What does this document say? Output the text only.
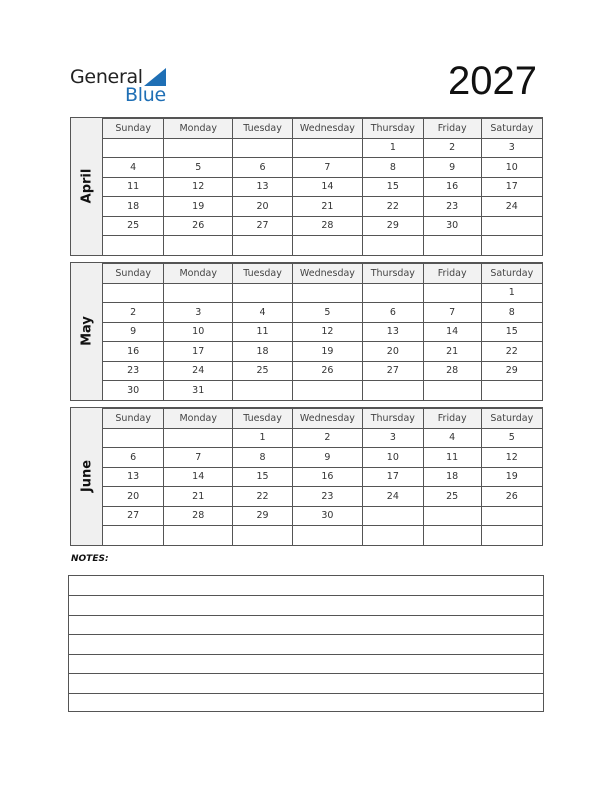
General
Blue	2027
April
Sunday	Monday	Tuesday	Wednesday	Thursday	Friday	Saturday
				1	2	3
4	5	6	7	8	9	10
11	12	13	14	15	16	17
18	19	20	21	22	23	24
25	26	27	28	29	30	

May
Sunday	Monday	Tuesday	Wednesday	Thursday	Friday	Saturday
						1
2	3	4	5	6	7	8
9	10	11	12	13	14	15
16	17	18	19	20	21	22
23	24	25	26	27	28	29
30	31					
June
Sunday	Monday	Tuesday	Wednesday	Thursday	Friday	Saturday
		1	2	3	4	5
6	7	8	9	10	11	12
13	14	15	16	17	18	19
20	21	22	23	24	25	26
27	28	29	30			

NOTES:
